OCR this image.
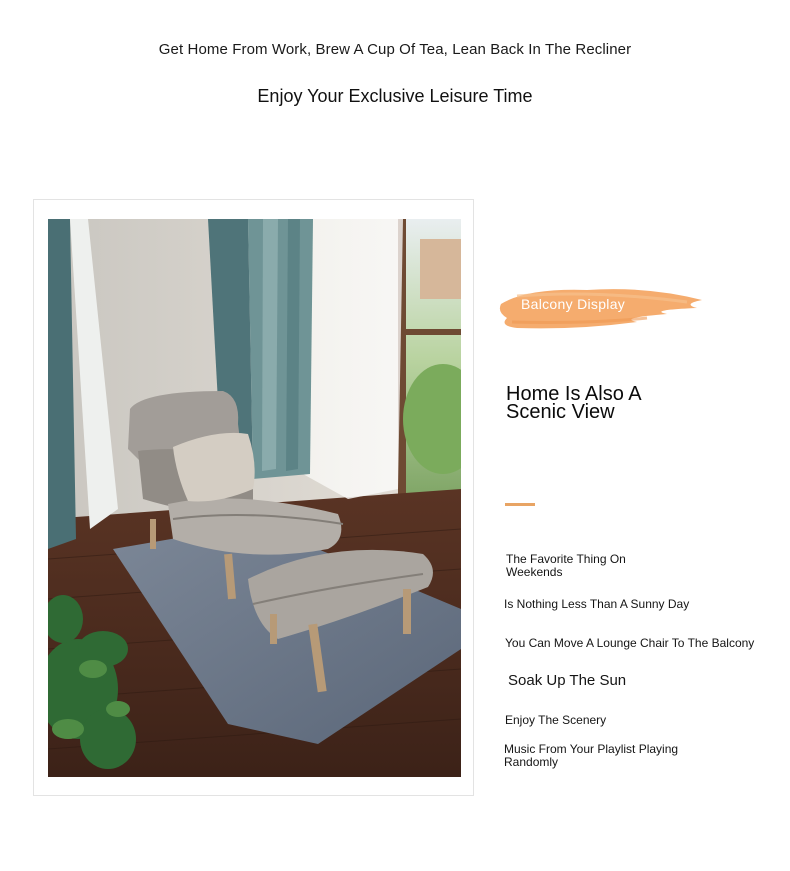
Get Home From Work, Brew A Cup Of Tea, Lean Back In The Recliner
Enjoy Your Exclusive Leisure Time
Balcony Display
Home Is Also A
Scenic View
The Favorite Thing On Weekends
Is Nothing Less Than A Sunny Day
You Can Move A Lounge Chair To The Balcony
Soak Up The Sun
Enjoy The Scenery
Music From Your Playlist Playing Randomly
